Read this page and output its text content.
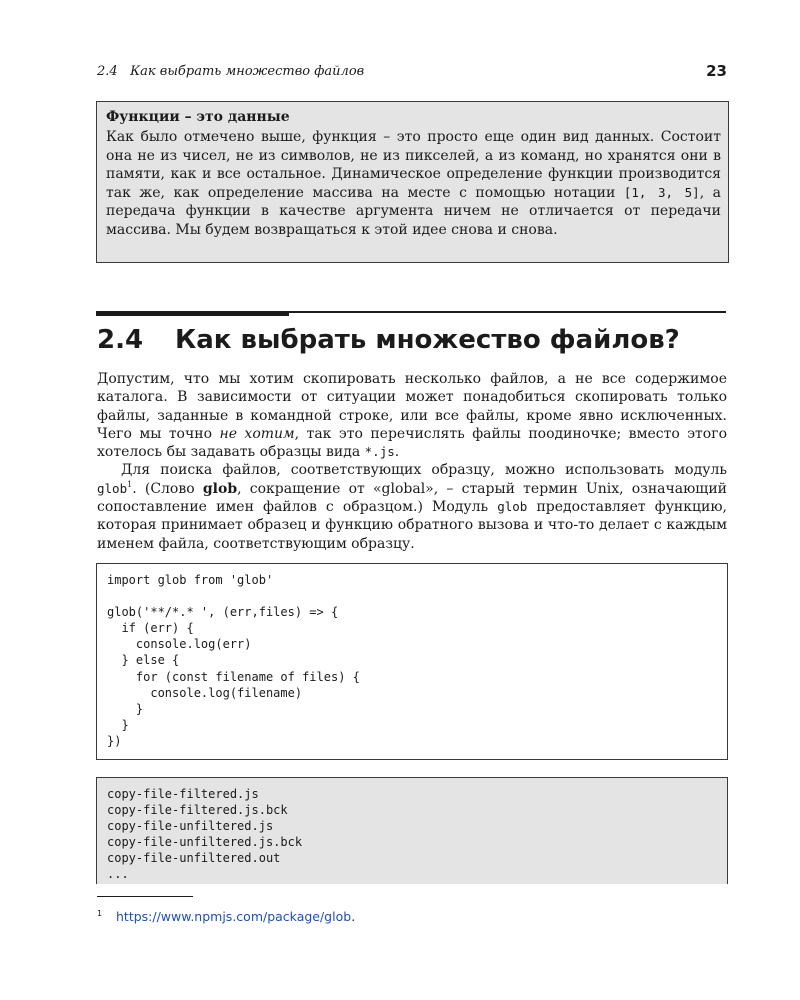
2.4   Как выбрать множество файлов	23
Функции – это данные
Как было отмечено выше, функция – это просто еще один вид данных. Состоит она не из чисел, не из символов, не из пикселей, а из команд, но хранятся они в памяти, как и все остальное. Динамическое определение функции производится так же, как определение массива на месте с помощью нотации [1, 3, 5], а передача функции в качестве аргумента ничем не отличается от передачи массива. Мы будем возвращаться к этой идее снова и снова.
2.4 Как выбрать множество файлов?

Допустим, что мы хотим скопировать несколько файлов, а не все содержимое каталога. В зависимости от ситуации может понадобиться скопировать только файлы, заданные в командной строке, или все файлы, кроме явно исключенных. Чего мы точно не хотим, так это перечислять файлы поодиночке; вместо этого хотелось бы задавать образцы вида *.js.

Для поиска файлов, соответствующих образцу, можно использовать модуль glob$^1$. (Слово glob, сокращение от «global», – старый термин Unix, означающий сопоставление имен файлов с образцом.) Модуль glob предоставляет функцию, которая принимает образец и функцию обратного вызова и что-то делает с каждым именем файла, соответствующим образцу.

import glob from 'glob'

glob('**/*.* ', (err,files) => {
if (err) {
console.log(err)
} else {
for (const filename of files) {
console.log(filename)
}
}
})
copy-file-filtered.js
copy-file-filtered.js.bck
copy-file-unfiltered.js
copy-file-unfiltered.js.bck
copy-file-unfiltered.out
...
1 https://www.npmjs.com/package/glob.
